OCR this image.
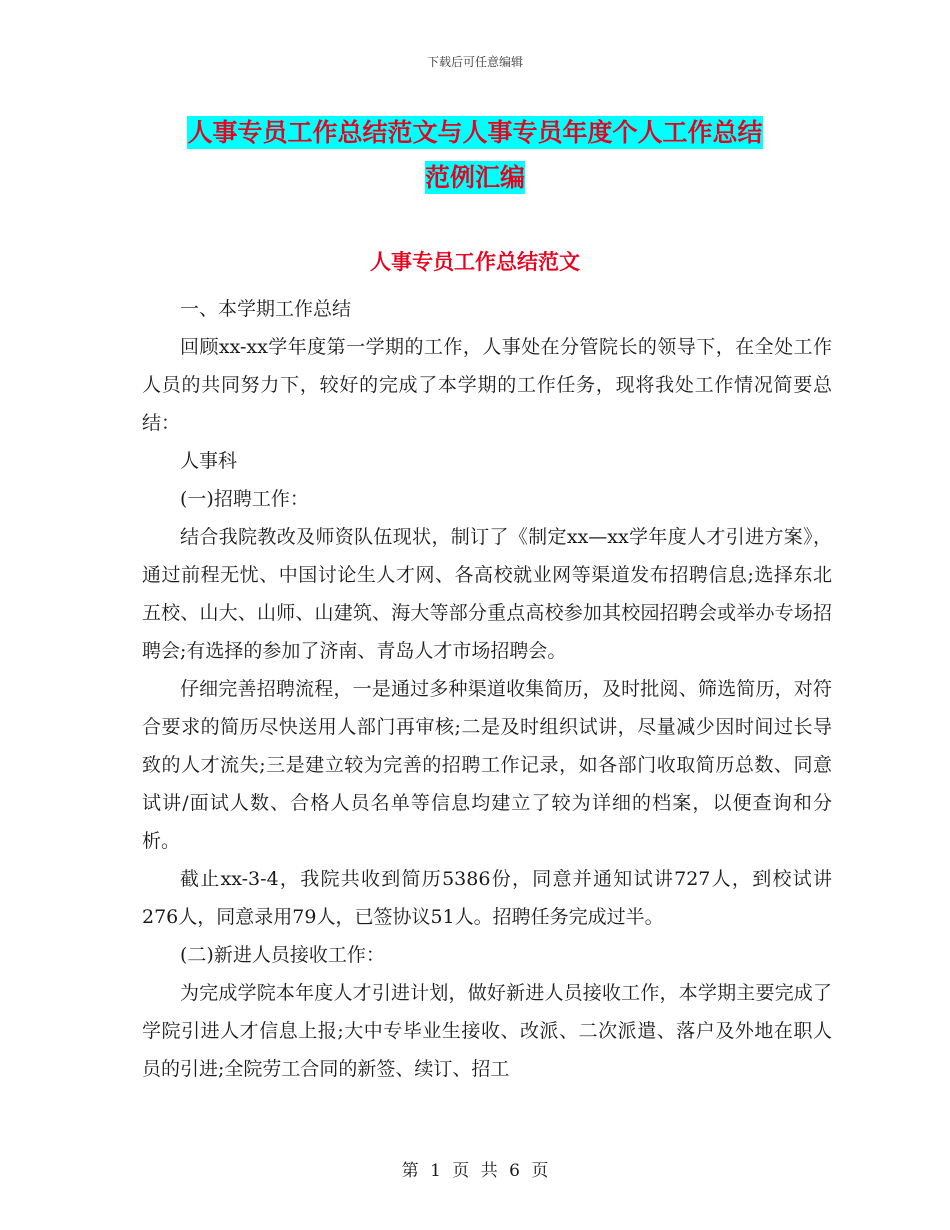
下载后可任意编辑
人事专员工作总结范文与人事专员年度个人工作总结
范例汇编
人事专员工作总结范文

一、本学期工作总结

回顾xx-xx学年度第一学期的工作，人事处在分管院长的领导下，在全处工作人员的共同努力下，较好的完成了本学期的工作任务，现将我处工作情况简要总结：

人事科

(一)招聘工作：

结合我院教改及师资队伍现状，制订了《制定xx—xx学年度人才引进方案》，通过前程无忧、中国讨论生人才网、各高校就业网等渠道发布招聘信息;选择东北五校、山大、山师、山建筑、海大等部分重点高校参加其校园招聘会或举办专场招聘会;有选择的参加了济南、青岛人才市场招聘会。

仔细完善招聘流程，一是通过多种渠道收集简历，及时批阅、筛选简历，对符合要求的简历尽快送用人部门再审核;二是及时组织试讲，尽量减少因时间过长导致的人才流失;三是建立较为完善的招聘工作记录，如各部门收取简历总数、同意试讲/面试人数、合格人员名单等信息均建立了较为详细的档案，以便查询和分析。

截止xx-3-4，我院共收到简历5386份，同意并通知试讲727人，到校试讲276人，同意录用79人，已签协议51人。招聘任务完成过半。

(二)新进人员接收工作：

为完成学院本年度人才引进计划，做好新进人员接收工作，本学期主要完成了学院引进人才信息上报;大中专毕业生接收、改派、二次派遣、落户及外地在职人员的引进;全院劳工合同的新签、续订、招工

第 1 页 共 6 页
